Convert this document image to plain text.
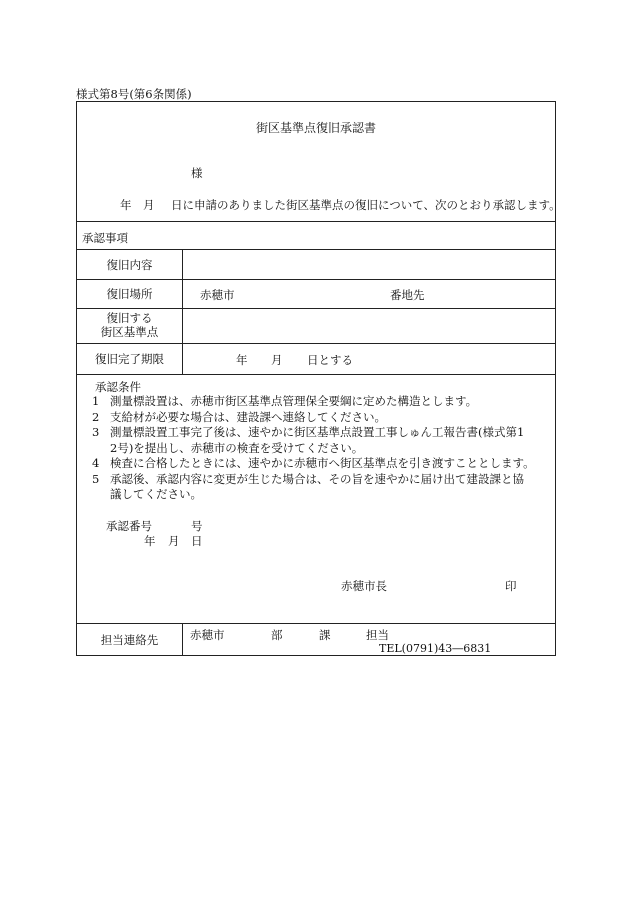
様式第8号(第6条関係)
街区基準点復旧承認書
様
年 月 日に申請のありました街区基準点の復旧について、次のとおり承認します。
承認事項
復旧内容
復旧場所	赤穂市	番地先
復旧する
街区基準点
復旧完了期限	年 月 日とする
承認条件
1 測量標設置は、赤穂市街区基準点管理保全要綱に定めた構造とします。
2 支給材が必要な場合は、建設課へ連絡してください。
3 測量標設置工事完了後は、速やかに街区基準点設置工事しゅん工報告書(様式第1
2号)を提出し、赤穂市の検査を受けてください。
4 検査に合格したときには、速やかに赤穂市へ街区基準点を引き渡すこととします。
5 承認後、承認内容に変更が生じた場合は、その旨を速やかに届け出て建設課と協
議してください。
承認番号	号
年 月 日
赤穂市長	印
担当連絡先	赤穂市	部	課	担当
TEL(0791)43―6831
